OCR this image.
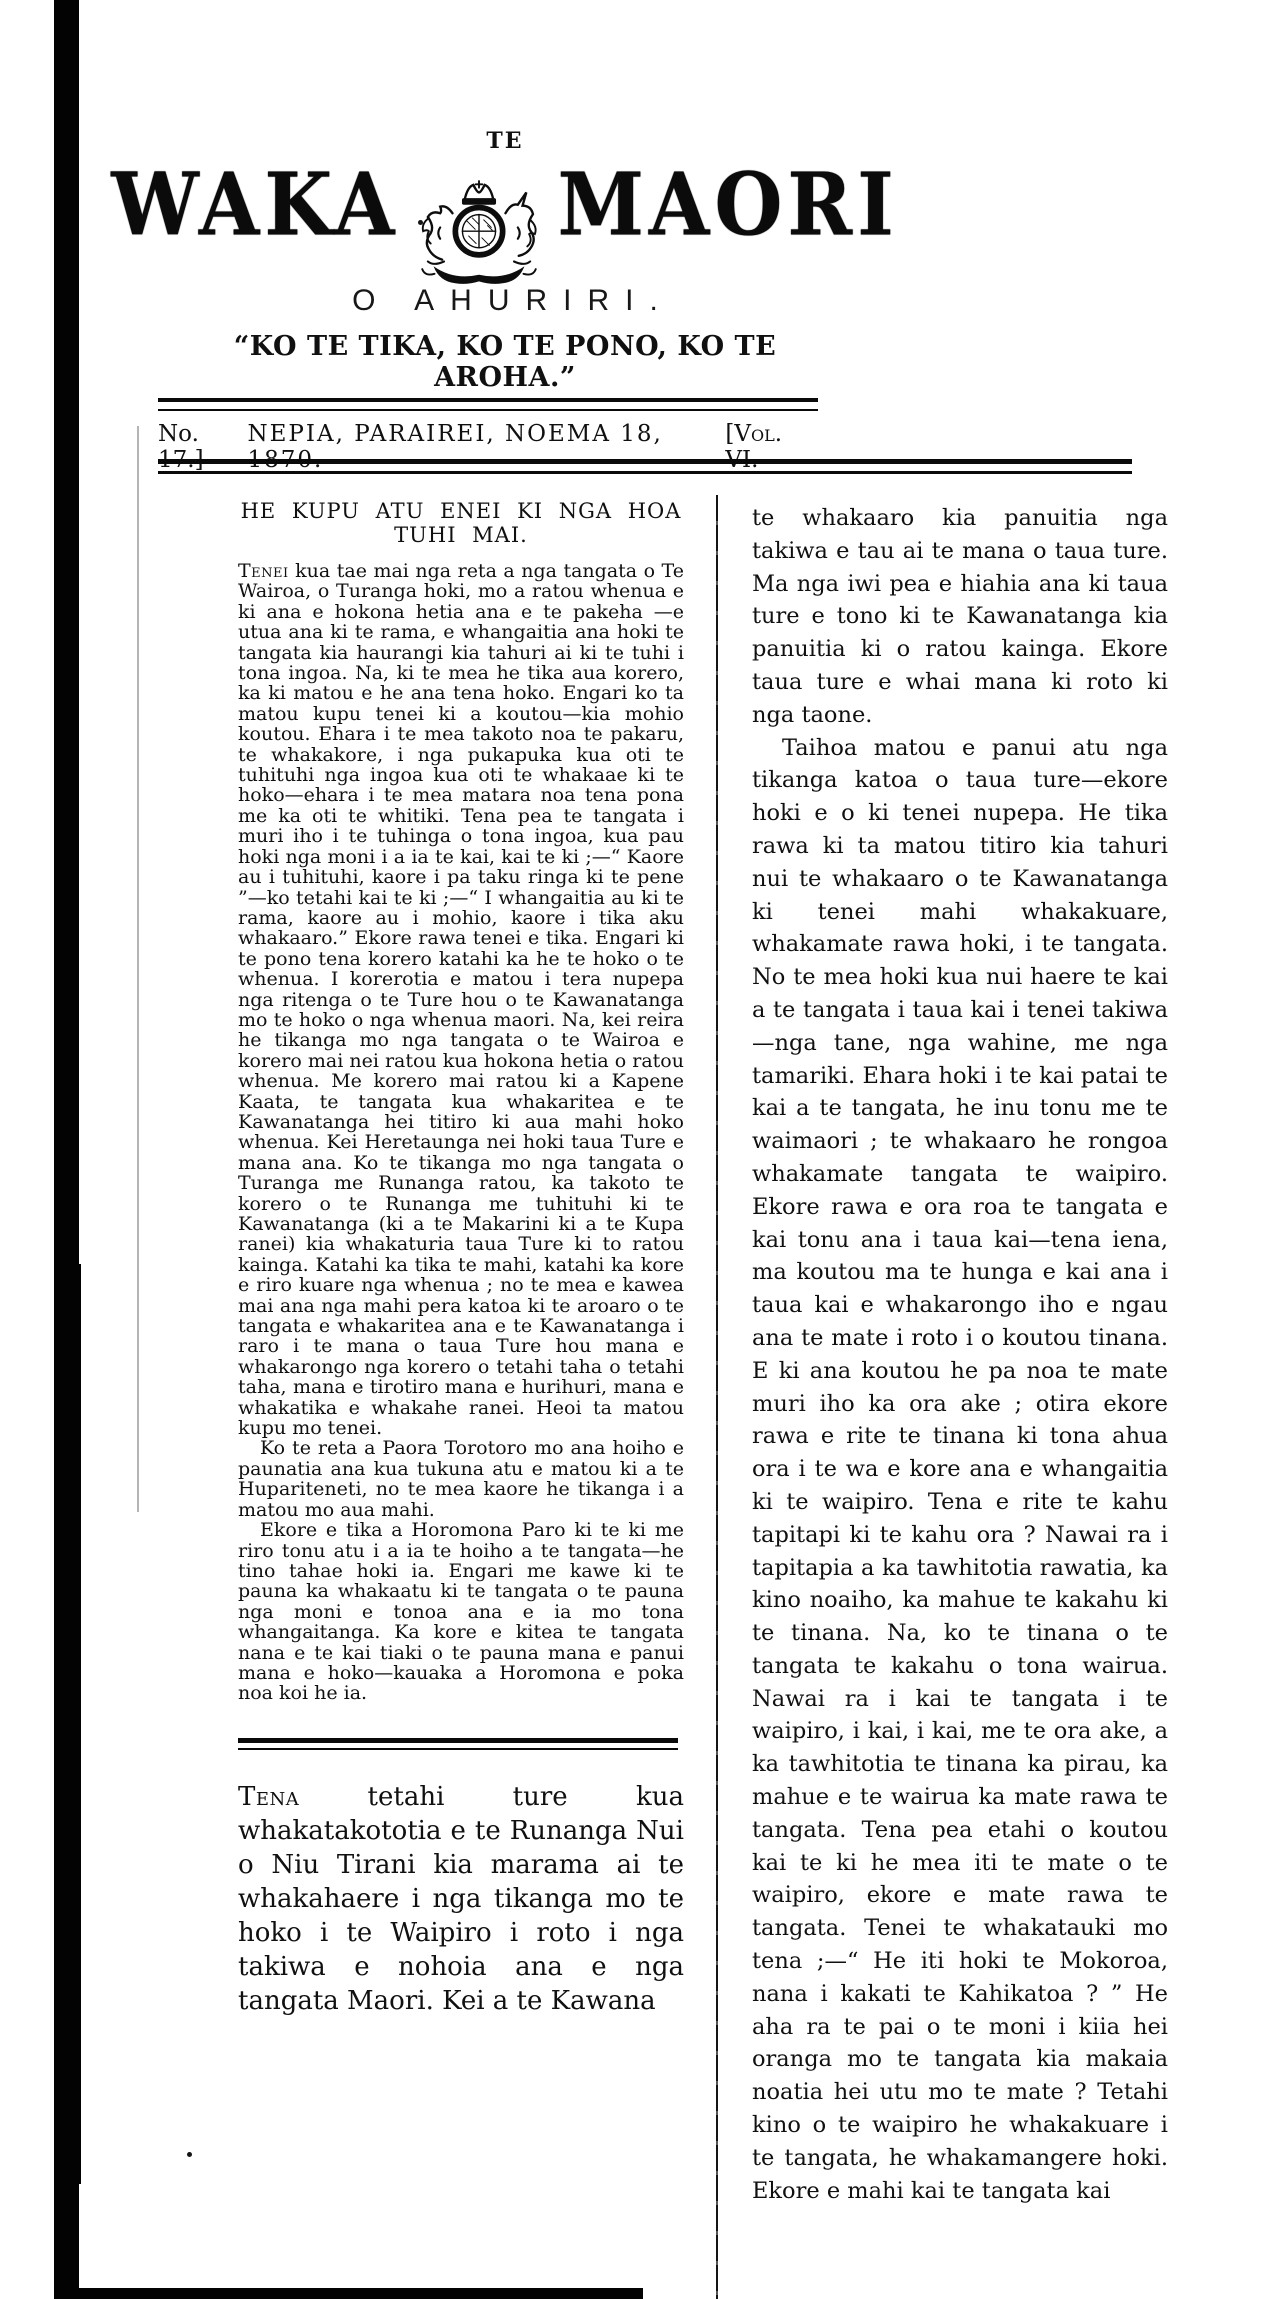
TE
WAKA MAORI
O AHURIRI.
“KO TE TIKA, KO TE PONO, KO TE AROHA.”
No. 17.]
NEPIA, PARAIREI, NOEMA 18, 1870.
[Vol. VI.
HE KUPU ATU ENEI KI NGA HOA
TUHI MAI.

Tenei kua tae mai nga reta a nga tangata o Te Wairoa, o Turanga hoki, mo a ratou whenua e ki ana e hokona hetia ana e te pakeha —e utua ana ki te rama, e whangaitia ana hoki te tangata kia haurangi kia tahuri ai ki te tuhi i tona ingoa. Na, ki te mea he tika aua korero, ka ki matou e he ana tena hoko. Engari ko ta matou kupu tenei ki a koutou—kia mohio koutou. Ehara i te mea takoto noa te pakaru, te whakakore, i nga pukapuka kua oti te tuhituhi nga ingoa kua oti te whakaae ki te hoko—ehara i te mea matara noa tena pona me ka oti te whitiki. Tena pea te tangata i muri iho i te tuhinga o tona ingoa, kua pau hoki nga moni i a ia te kai, kai te ki ;—“ Kaore au i tuhituhi, kaore i pa taku ringa ki te pene ”—ko tetahi kai te ki ;—“ I whangaitia au ki te rama, kaore au i mohio, kaore i tika aku whakaaro.” Ekore rawa tenei e tika. Engari ki te pono tena korero katahi ka he te hoko o te whenua. I korerotia e matou i tera nupepa nga ritenga o te Ture hou o te Kawanatanga mo te hoko o nga whenua maori. Na, kei reira he tikanga mo nga tangata o te Wairoa e korero mai nei ratou kua hokona hetia o ratou whenua. Me korero mai ratou ki a Kapene Kaata, te tangata kua whakaritea e te Kawanatanga hei titiro ki aua mahi hoko whenua. Kei Heretaunga nei hoki taua Ture e mana ana. Ko te tikanga mo nga tangata o Turanga me Runanga ratou, ka takoto te korero o te Runanga me tuhituhi ki te Kawanatanga (ki a te Makarini ki a te Kupa ranei) kia whakaturia taua Ture ki to ratou kainga. Katahi ka tika te mahi, katahi ka kore e riro kuare nga whenua ; no te mea e kawea mai ana nga mahi pera katoa ki te aroaro o te tangata e whakaritea ana e te Kawanatanga i raro i te mana o taua Ture hou mana e whakarongo nga korero o tetahi taha o tetahi taha, mana e tirotiro mana e hurihuri, mana e whakatika e whakahe ranei. Heoi ta matou kupu mo tenei.

Ko te reta a Paora Torotoro mo ana hoiho e paunatia ana kua tukuna atu e matou ki a te Hupariteneti, no te mea kaore he tikanga i a matou mo aua mahi.

Ekore e tika a Horomona Paro ki te ki me riro tonu atu i a ia te hoiho a te tangata—he tino tahae hoki ia. Engari me kawe ki te pauna ka whakaatu ki te tangata o te pauna nga moni e tonoa ana e ia mo tona whangaitanga. Ka kore e kitea te tangata nana e te kai tiaki o te pauna mana e panui mana e hoko—kauaka a Horomona e poka noa koi he ia.

Tena tetahi ture kua whakatakototia e te Runanga Nui o Niu Tirani kia marama ai te whakahaere i nga tikanga mo te hoko i te Waipiro i roto i nga takiwa e nohoia ana e nga tangata Maori. Kei a te Kawana

te whakaaro kia panuitia nga takiwa e tau ai te mana o taua ture. Ma nga iwi pea e hiahia ana ki taua ture e tono ki te Kawanatanga kia panuitia ki o ratou kainga. Ekore taua ture e whai mana ki roto ki nga taone.

Taihoa matou e panui atu nga tikanga katoa o taua ture—ekore hoki e o ki tenei nupepa. He tika rawa ki ta matou titiro kia tahuri nui te whakaaro o te Kawanatanga ki tenei mahi whakakuare, whakamate rawa hoki, i te tangata. No te mea hoki kua nui haere te kai a te tangata i taua kai i tenei takiwa —nga tane, nga wahine, me nga tamariki. Ehara hoki i te kai patai te kai a te tangata, he inu tonu me te waimaori ; te whakaaro he rongoa whakamate tangata te waipiro. Ekore rawa e ora roa te tangata e kai tonu ana i taua kai—tena iena, ma koutou ma te hunga e kai ana i taua kai e whakarongo iho e ngau ana te mate i roto i o koutou tinana. E ki ana koutou he pa noa te mate muri iho ka ora ake ; otira ekore rawa e rite te tinana ki tona ahua ora i te wa e kore ana e whangaitia ki te waipiro. Tena e rite te kahu tapitapi ki te kahu ora ? Nawai ra i tapitapia a ka tawhitotia rawatia, ka kino noaiho, ka mahue te kakahu ki te tinana. Na, ko te tinana o te tangata te kakahu o tona wairua. Nawai ra i kai te tangata i te waipiro, i kai, i kai, me te ora ake, a ka tawhitotia te tinana ka pirau, ka mahue e te wairua ka mate rawa te tangata. Tena pea etahi o koutou kai te ki he mea iti te mate o te waipiro, ekore e mate rawa te tangata. Tenei te whakatauki mo tena ;—“ He iti hoki te Mokoroa, nana i kakati te Kahikatoa ? ” He aha ra te pai o te moni i kiia hei oranga mo te tangata kia makaia noatia hei utu mo te mate ? Tetahi kino o te waipiro he whakakuare i te tangata, he whakamangere hoki. Ekore e mahi kai te tangata kai
